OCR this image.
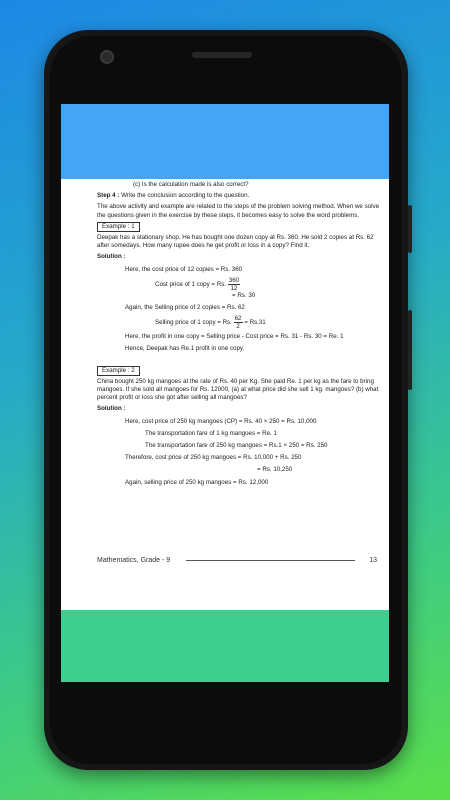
(c) Is the calculation made is also correct?

Step 4 : Write the conclusion according to the question.

The above activity and example are related to the steps of the problem solving method. When we solve the questions given in the exercise by these steps, it becomes easy to solve the word problems.

Example : 1

Deepak has a stationary shop. He has bought one dozen copy at Rs. 360. He sold 2 copies at Rs. 62 after somedays. How many rupee does he get profit or loss in a copy? Find it.

Solution :

Here, the cost price of 12 copies = Rs. 360

Cost price of 1 copy = Rs. $\frac{360}{12}$

= Rs. 30

Again, the Selling price of 2 copies = Rs. 62

Selling price of 1 copy = Rs. $\frac{62}{2} = Rs.31$

Here, the profit in one copy = Selling price - Cost price = Rs. 31 - Rs. 30 = Re. 1

Hence, Deepak has Re.1 profit in one copy.

Example : 2

China bought 250 kg mangoes at the rate of Rs. 40 per Kg. She paid Re. 1 per kg as the fare to bring mangoes. If she sold all mangoes for Rs. 12000, (a) at what price did she sell 1 kg. mangoes? (b) what percent profit or loss she got after selling all mangoes?

Solution :

Here, cost price of 250 kg mangoes (CP) = Rs. 40 × 250 = Rs. 10,000

The transportation fare of 1 kg mangoes = Re. 1

The transportation fare of 250 kg mangoes = Rs.1 × 250 = Rs. 250

Therefore, cost price of 250 kg mangoes = Rs. 10,000 + Rs. 250

= Rs. 10,250

Again, selling price of 250 kg mangoes = Rs. 12,000

Mathematics, Grade - 9	13
